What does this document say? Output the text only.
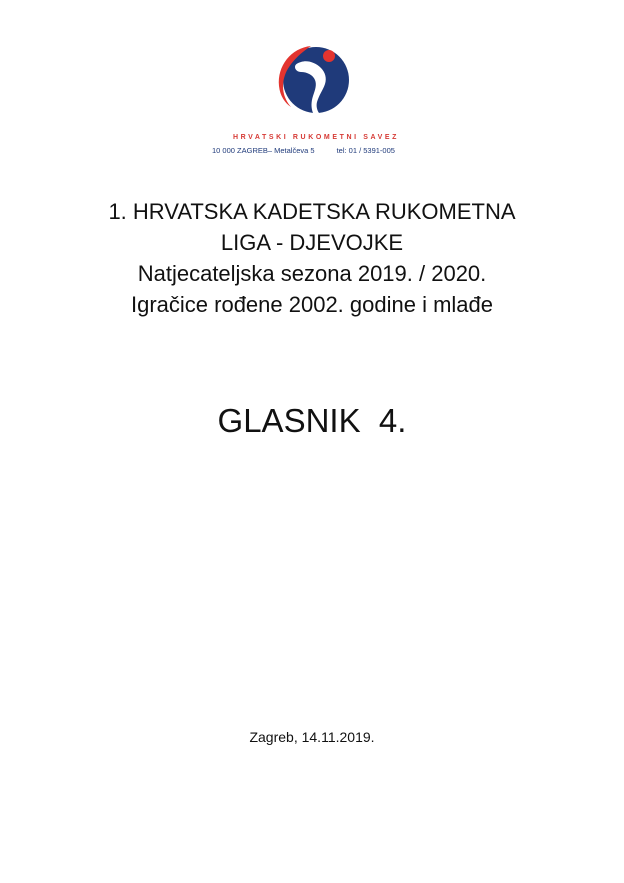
HRVATSKI RUKOMETNI SAVEZ
10 000 ZAGREB– Metalčeva 5	tel: 01 / 5391-005
1. HRVATSKA KADETSKA RUKOMETNA
LIGA - DJEVOJKE
Natjecateljska sezona 2019. / 2020.
Igračice rođene 2002. godine i mlađe
GLASNIK  4.
Zagreb, 14.11.2019.
